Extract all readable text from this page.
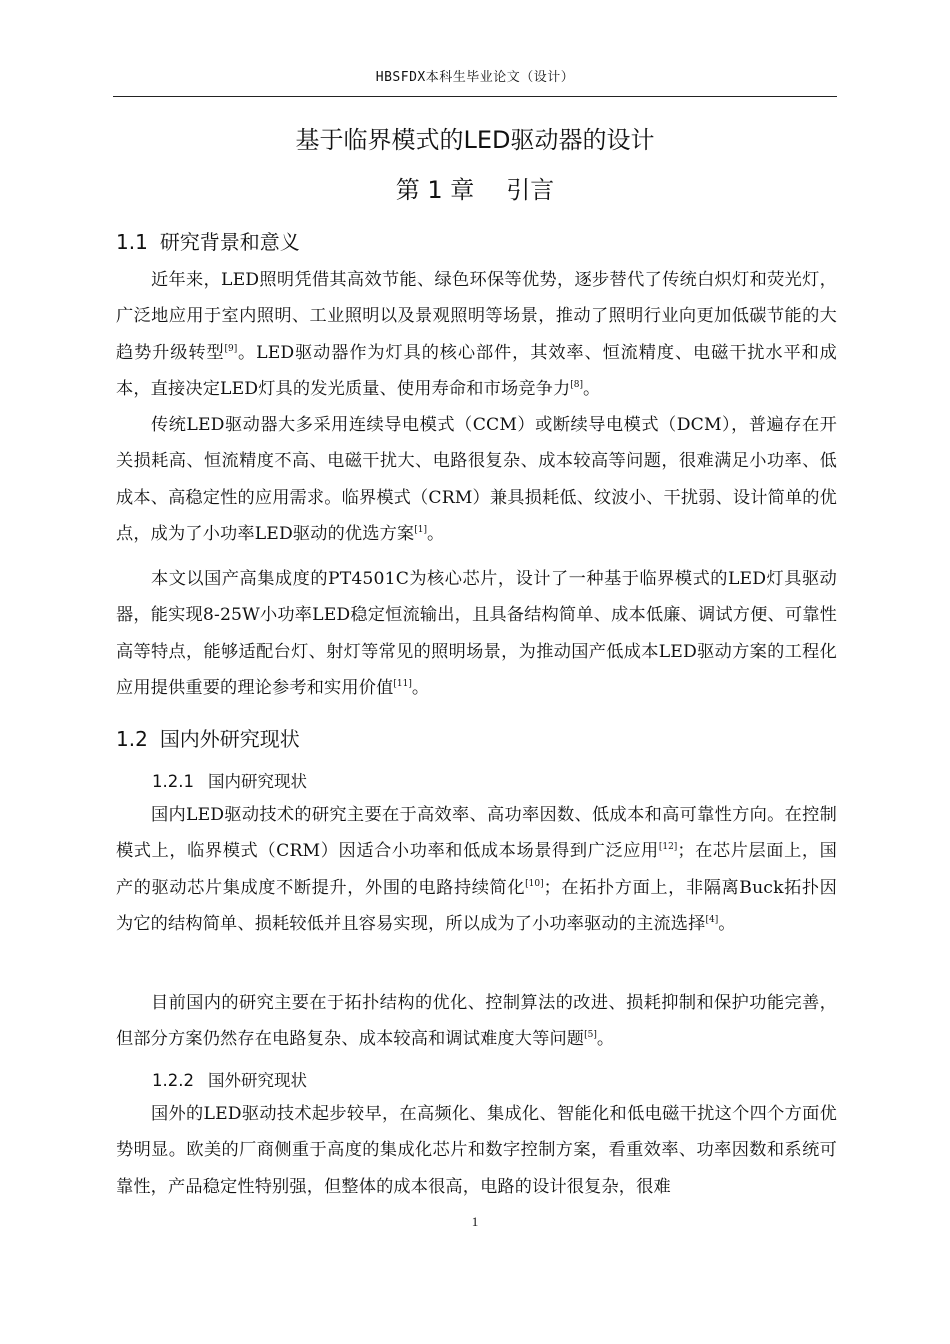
HBSFDX本科生毕业论文（设计）
基于临界模式的LED驱动器的设计
第 1 章 引言
1.1 研究背景和意义

近年来，LED照明凭借其高效节能、绿色环保等优势，逐步替代了传统白炽灯和荧光灯，广泛地应用于室内照明、工业照明以及景观照明等场景，推动了照明行业向更加低碳节能的大趋势升级转型[9]。LED驱动器作为灯具的核心部件，其效率、恒流精度、电磁干扰水平和成本，直接决定LED灯具的发光质量、使用寿命和市场竞争力[8]。

传统LED驱动器大多采用连续导电模式（CCM）或断续导电模式（DCM），普遍存在开关损耗高、恒流精度不高、电磁干扰大、电路很复杂、成本较高等问题，很难满足小功率、低成本、高稳定性的应用需求。临界模式（CRM）兼具损耗低、纹波小、干扰弱、设计简单的优点，成为了小功率LED驱动的优选方案[1]。

本文以国产高集成度的PT4501C为核心芯片，设计了一种基于临界模式的LED灯具驱动器，能实现8-25W小功率LED稳定恒流输出，且具备结构简单、成本低廉、调试方便、可靠性高等特点，能够适配台灯、射灯等常见的照明场景，为推动国产低成本LED驱动方案的工程化应用提供重要的理论参考和实用价值[11]。

1.2 国内外研究现状
1.2.1 国内研究现状

国内LED驱动技术的研究主要在于高效率、高功率因数、低成本和高可靠性方向。在控制模式上，临界模式（CRM）因适合小功率和低成本场景得到广泛应用[12]；在芯片层面上，国产的驱动芯片集成度不断提升，外围的电路持续简化[10]；在拓扑方面上，非隔离Buck拓扑因为它的结构简单、损耗较低并且容易实现，所以成为了小功率驱动的主流选择[4]。

目前国内的研究主要在于拓扑结构的优化、控制算法的改进、损耗抑制和保护功能完善，但部分方案仍然存在电路复杂、成本较高和调试难度大等问题[5]。

1.2.2 国外研究现状

国外的LED驱动技术起步较早，在高频化、集成化、智能化和低电磁干扰这个四个方面优势明显。欧美的厂商侧重于高度的集成化芯片和数字控制方案，看重效率、功率因数和系统可靠性，产品稳定性特别强，但整体的成本很高，电路的设计很复杂，很难

1
